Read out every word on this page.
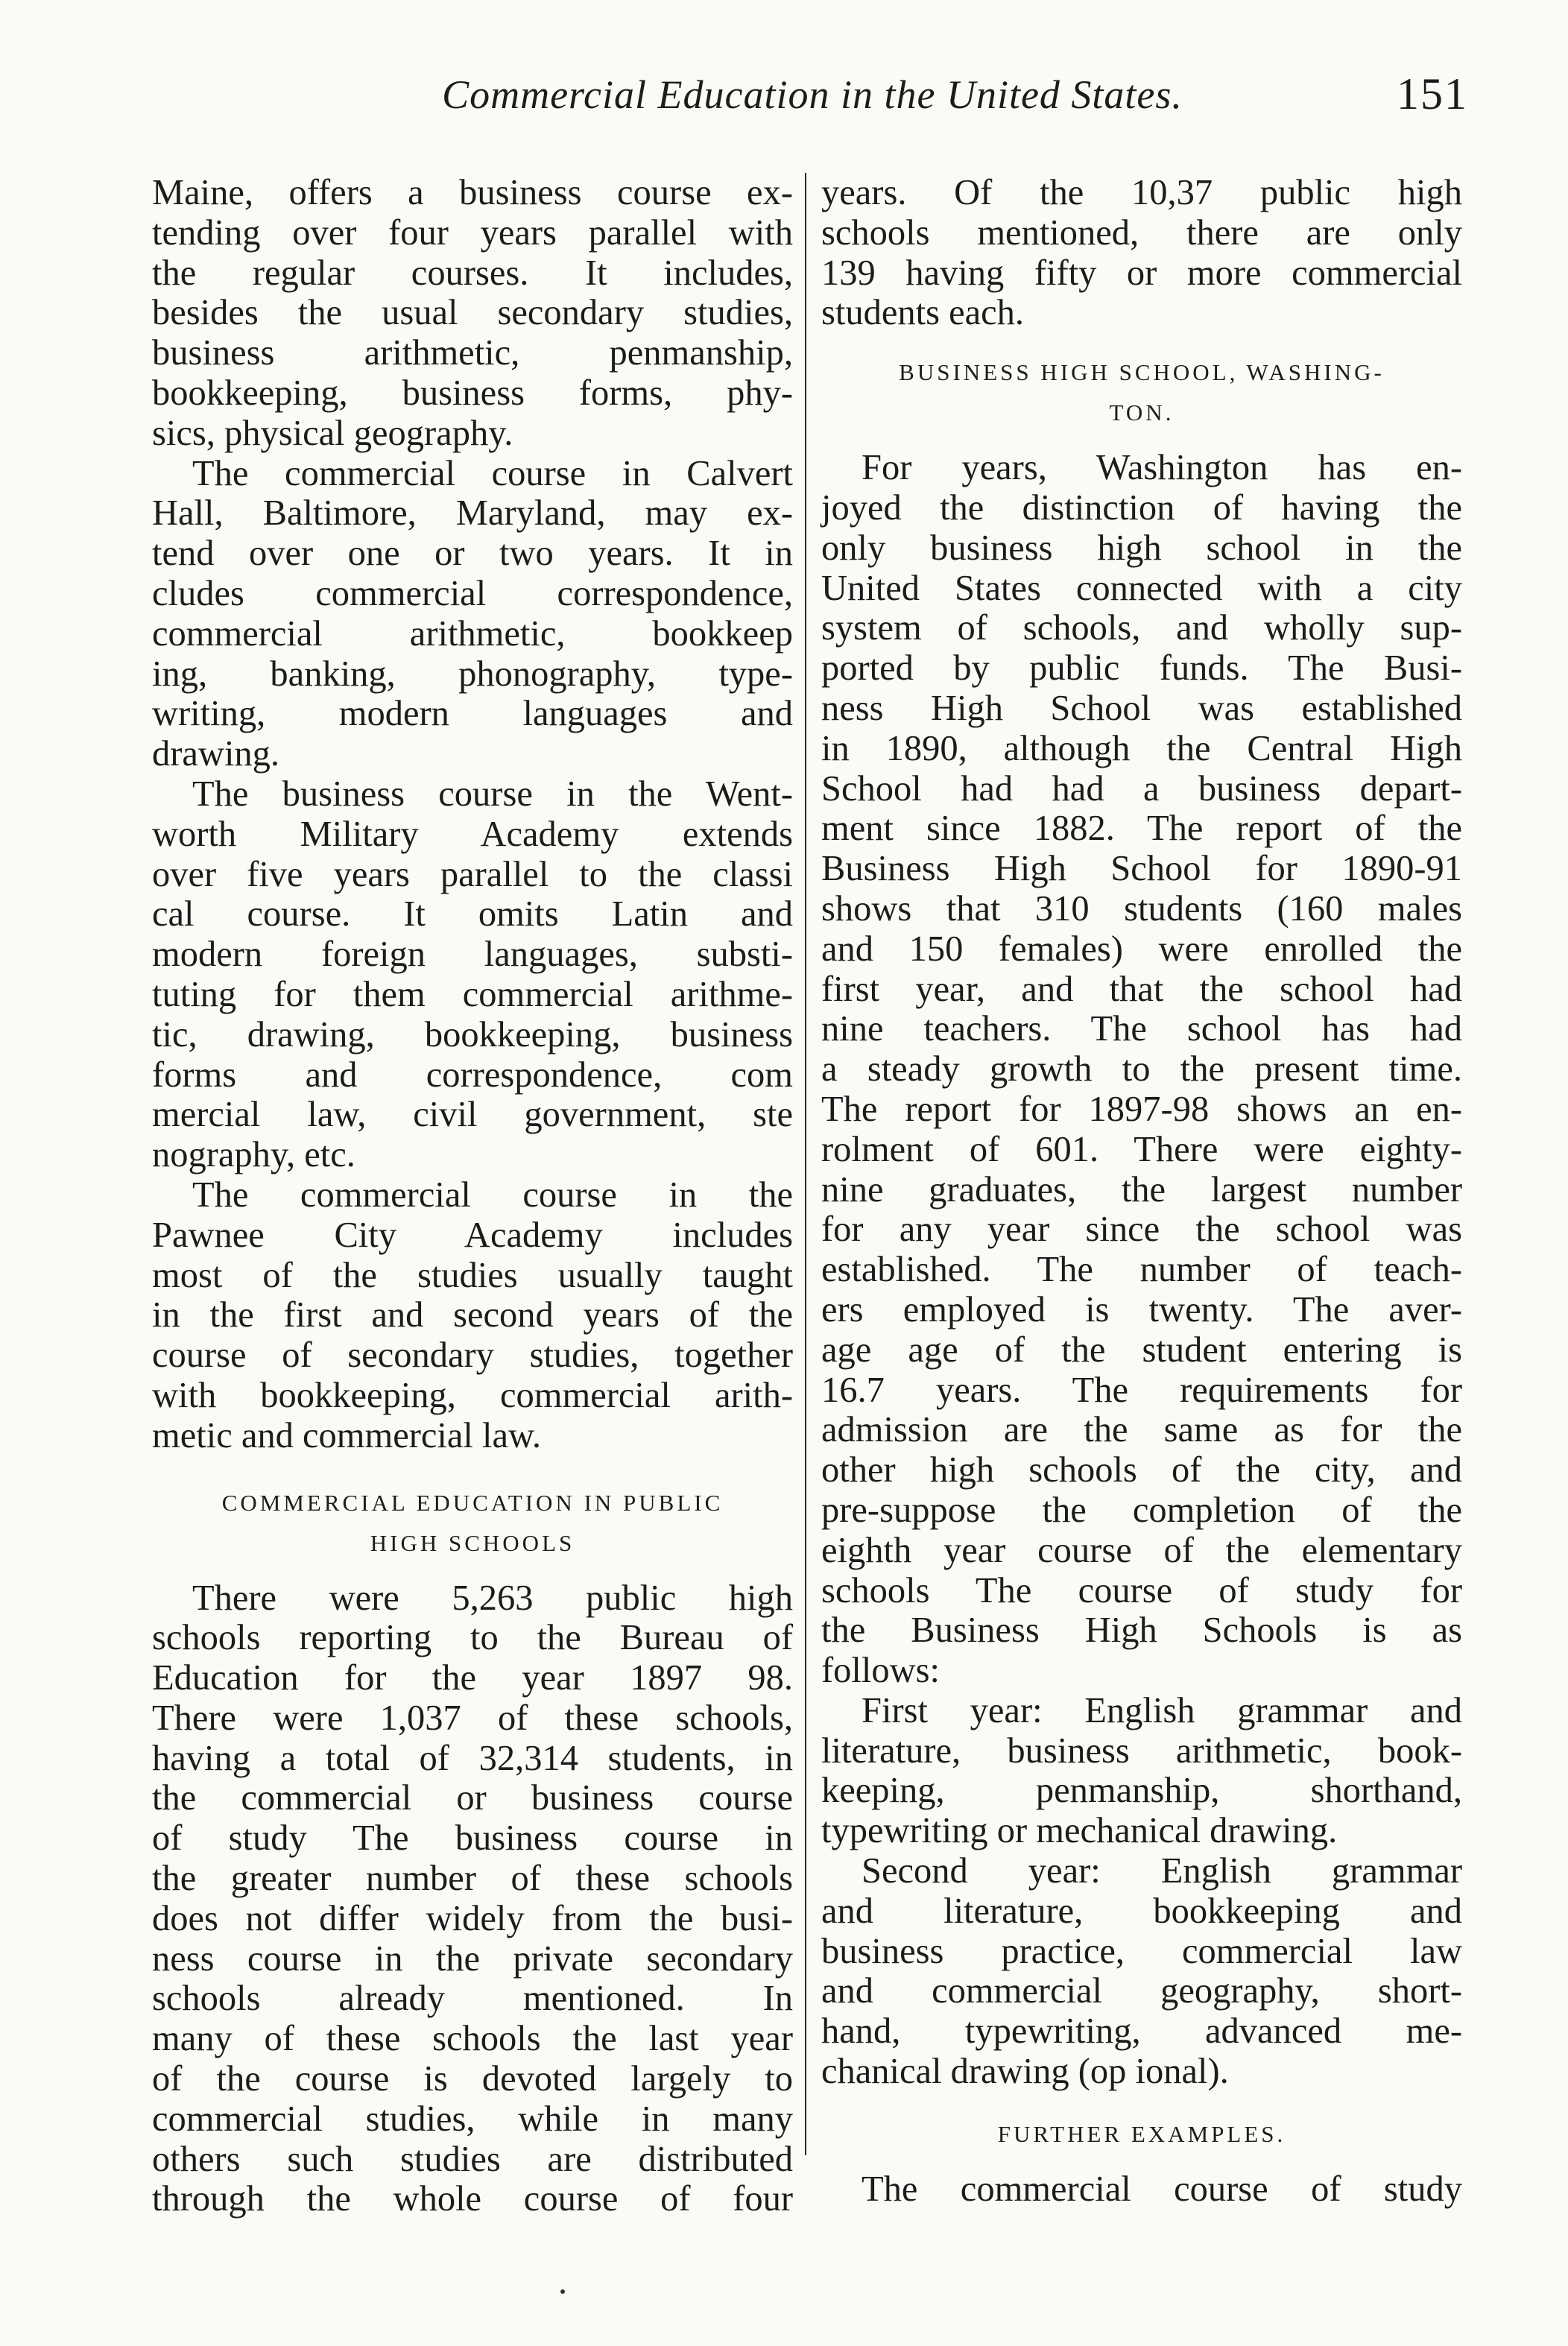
Commercial Education in the United States.	151
Maine, offers a business course ex-
tending over four years parallel with
the regular courses. It includes,
besides the usual secondary studies,
business arithmetic, penmanship,
bookkeeping, business forms, phy-
sics, physical geography.
The commercial course in Calvert
Hall, Baltimore, Maryland, may ex-
tend over one or two years. It in
cludes commercial correspondence,
commercial arithmetic, bookkeep
ing, banking, phonography, type-
writing, modern languages and
drawing.
The business course in the Went-
worth Military Academy extends
over five years parallel to the classi
cal course. It omits Latin and
modern foreign languages, substi-
tuting for them commercial arithme-
tic, drawing, bookkeeping, business
forms and correspondence, com
mercial law, civil government, ste
nography, etc.
The commercial course in the
Pawnee City Academy includes
most of the studies usually taught
in the first and second years of the
course of secondary studies, together
with bookkeeping, commercial arith-
metic and commercial law.
COMMERCIAL EDUCATION IN PUBLIC
HIGH SCHOOLS
There were 5,263 public high
schools reporting to the Bureau of
Education for the year 1897 98.
There were 1,037 of these schools,
having a total of 32,314 students, in
the commercial or business course
of study The business course in
the greater number of these schools
does not differ widely from the busi-
ness course in the private secondary
schools already mentioned. In
many of these schools the last year
of the course is devoted largely to
commercial studies, while in many
others such studies are distributed
through the whole course of four
years. Of the 10,37 public high
schools mentioned, there are only
139 having fifty or more commercial
students each.
BUSINESS HIGH SCHOOL, WASHING-
TON.
For years, Washington has en-
joyed the distinction of having the
only business high school in the
United States connected with a city
system of schools, and wholly sup-
ported by public funds. The Busi-
ness High School was established
in 1890, although the Central High
School had had a business depart-
ment since 1882. The report of the
Business High School for 1890-91
shows that 310 students (160 males
and 150 females) were enrolled the
first year, and that the school had
nine teachers. The school has had
a steady growth to the present time.
The report for 1897-98 shows an en-
rolment of 601. There were eighty-
nine graduates, the largest number
for any year since the school was
established. The number of teach-
ers employed is twenty. The aver-
age age of the student entering is
16.7 years. The requirements for
admission are the same as for the
other high schools of the city, and
pre-suppose the completion of the
eighth year course of the elementary
schools The course of study for
the Business High Schools is as
follows:
First year: English grammar and
literature, business arithmetic, book-
keeping, penmanship, shorthand,
typewriting or mechanical drawing.
Second year: English grammar
and literature, bookkeeping and
business practice, commercial law
and commercial geography, short-
hand, typewriting, advanced me-
chanical drawing (op ional).
FURTHER EXAMPLES.
The commercial course of study
